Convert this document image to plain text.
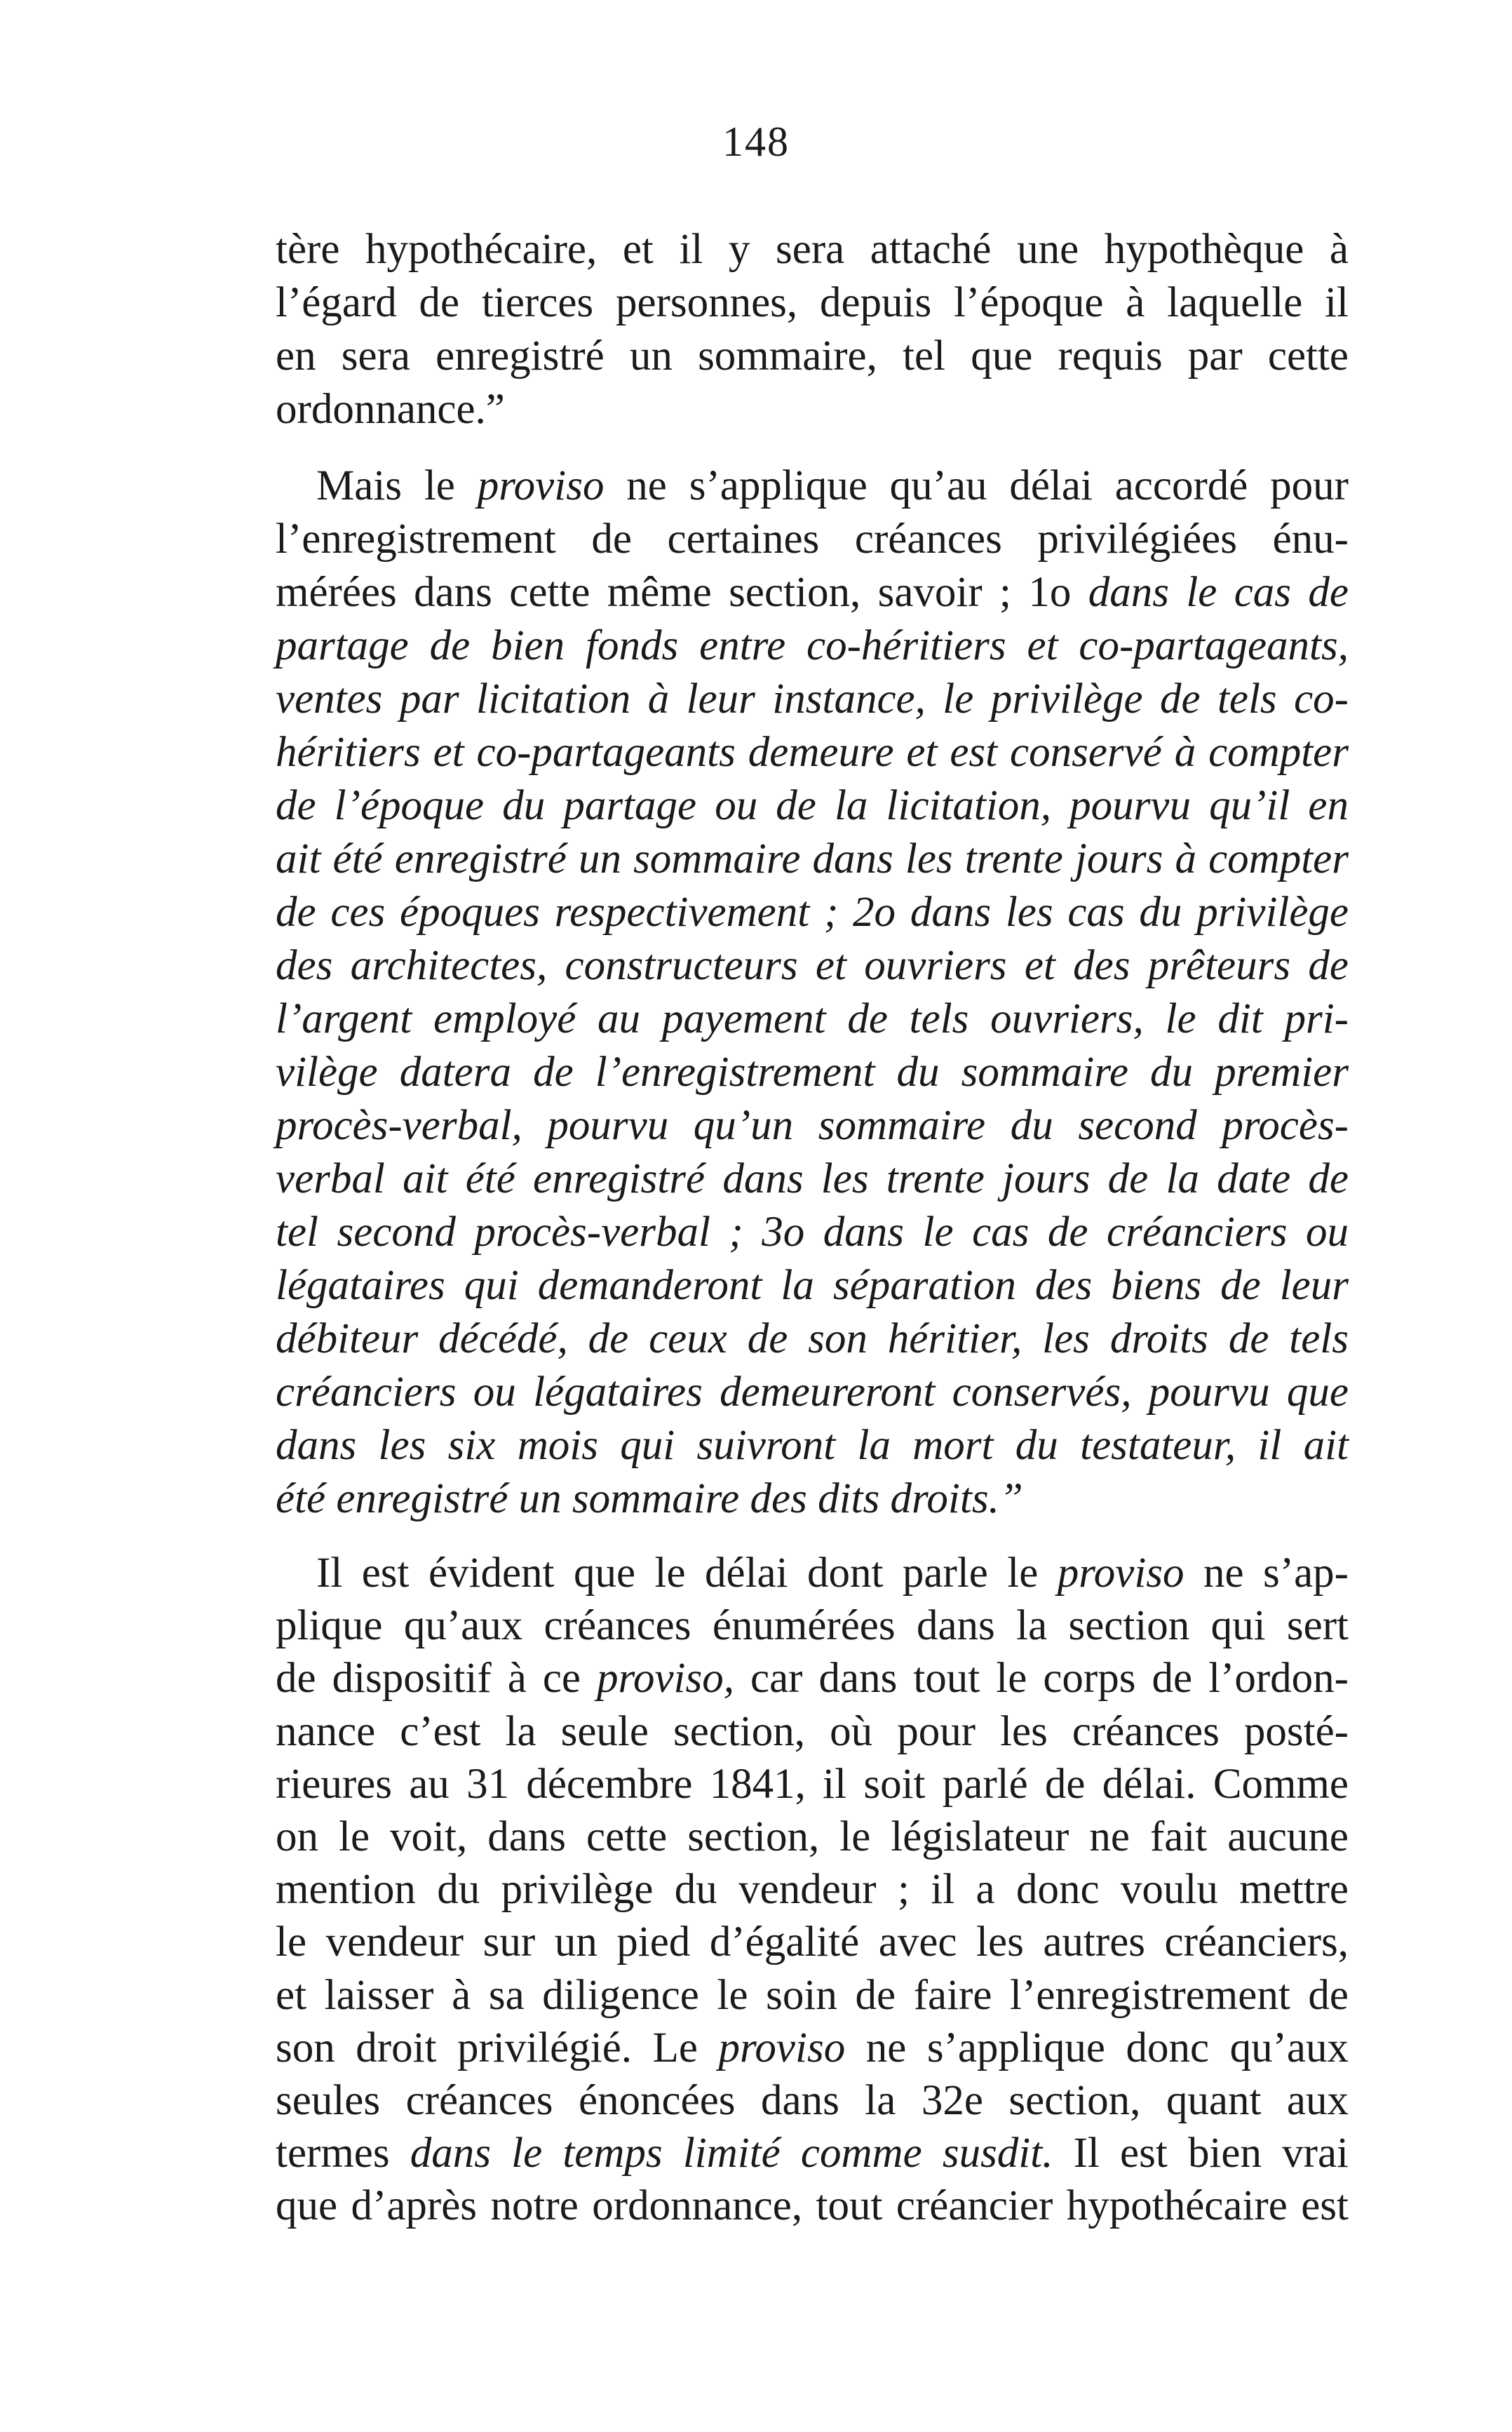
148
tère hypothécaire, et il y sera attaché une hypothèque à
l’égard de tierces personnes, depuis l’époque à laquelle il
en sera enregistré un sommaire, tel que requis par cette
ordonnance.”
Mais le proviso ne s’applique qu’au délai accordé pour
l’enregistrement de certaines créances privilégiées énu-
mérées dans cette même section, savoir ; 1o dans le cas de
partage de bien fonds entre co-héritiers et co-partageants,
ventes par licitation à leur instance, le privilège de tels co-
héritiers et co-partageants demeure et est conservé à compter
de l’époque du partage ou de la licitation, pourvu qu’il en
ait été enregistré un sommaire dans les trente jours à compter
de ces époques respectivement ; 2o dans les cas du privilège
des architectes, constructeurs et ouvriers et des prêteurs de
l’argent employé au payement de tels ouvriers, le dit pri-
vilège datera de l’enregistrement du sommaire du premier
procès-verbal, pourvu qu’un sommaire du second procès-
verbal ait été enregistré dans les trente jours de la date de
tel second procès-verbal ; 3o dans le cas de créanciers ou
légataires qui demanderont la séparation des biens de leur
débiteur décédé, de ceux de son héritier, les droits de tels
créanciers ou légataires demeureront conservés, pourvu que
dans les six mois qui suivront la mort du testateur, il ait
été enregistré un sommaire des dits droits.”
Il est évident que le délai dont parle le proviso ne s’ap-
plique qu’aux créances énumérées dans la section qui sert
de dispositif à ce proviso, car dans tout le corps de l’ordon-
nance c’est la seule section, où pour les créances posté-
rieures au 31 décembre 1841, il soit parlé de délai. Comme
on le voit, dans cette section, le législateur ne fait aucune
mention du privilège du vendeur ; il a donc voulu mettre
le vendeur sur un pied d’égalité avec les autres créanciers,
et laisser à sa diligence le soin de faire l’enregistrement de
son droit privilégié. Le proviso ne s’applique donc qu’aux
seules créances énoncées dans la 32e section, quant aux
termes dans le temps limité comme susdit. Il est bien vrai
que d’après notre ordonnance, tout créancier hypothécaire est
